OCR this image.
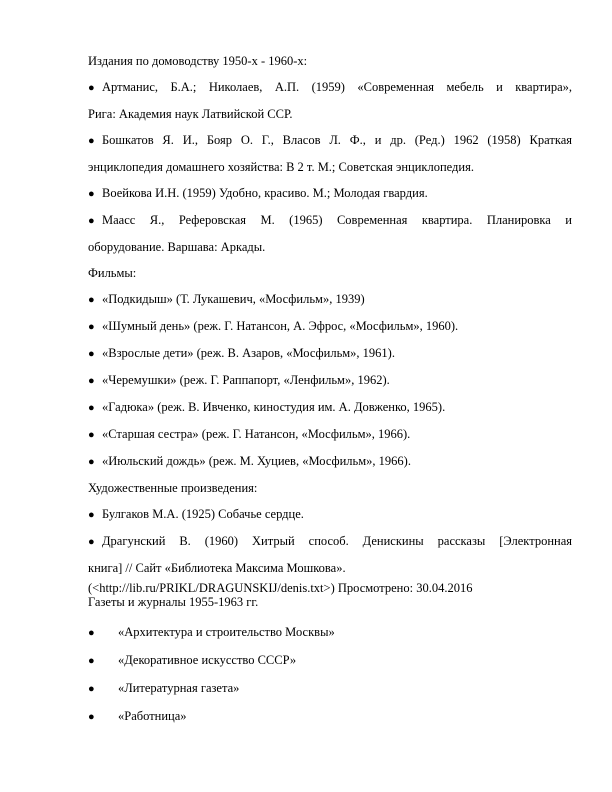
Издания по домоводству 1950-х - 1960-х:
● Артманис, Б.А.; Николаев, А.П. (1959) «Современная мебель и квартира»,
Рига: Академия наук Латвийской ССР.
● Бошкатов Я. И., Бояр О. Г., Власов Л. Ф., и др. (Ред.) 1962 (1958) Краткая
энциклопедия домашнего хозяйства: В 2 т. М.; Советская энциклопедия.
● Воейкова И.Н. (1959) Удобно, красиво. М.; Молодая гвардия.
● Маасс Я., Реферовская М. (1965) Современная квартира. Планировка и
оборудование. Варшава: Аркады.
Фильмы:
● «Подкидыш» (Т. Лукашевич, «Мосфильм», 1939)
● «Шумный день» (реж. Г. Натансон, А. Эфрос, «Мосфильм», 1960).
● «Взрослые дети» (реж. В. Азаров, «Мосфильм», 1961).
● «Черемушки» (реж. Г. Раппапорт, «Ленфильм», 1962).
● «Гадюка» (реж. В. Ивченко, киностудия им. А. Довженко, 1965).
● «Старшая сестра» (реж. Г. Натансон, «Мосфильм», 1966).
● «Июльский дождь» (реж. М. Хуциев, «Мосфильм», 1966).
Художественные произведения:
● Булгаков М.А. (1925) Собачье сердце.
● Драгунский В. (1960) Хитрый способ. Денискины рассказы [Электронная
книга] // Сайт «Библиотека Максима Мошкова».
(<http://lib.ru/PRIKL/DRAGUNSKIJ/denis.txt>) Просмотрено: 30.04.2016
Газеты и журналы 1955-1963 гг.
● «Архитектура и строительство Москвы»
● «Декоративное искусство СССР»
● «Литературная газета»
● «Работница»
